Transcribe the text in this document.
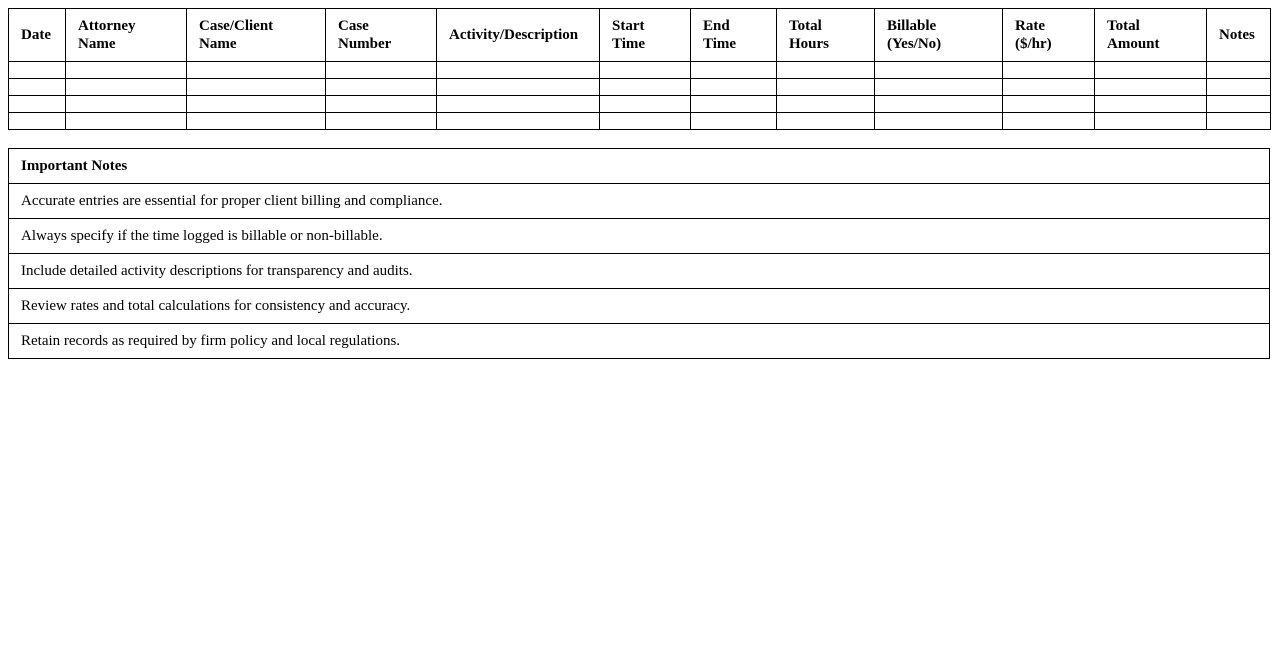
Date	Attorney Name	Case/Client Name	Case Number	Activity/Description	Start Time	End Time	Total Hours	Billable (Yes/No)	Rate ($/hr)	Total Amount	Notes

Important Notes
Accurate entries are essential for proper client billing and compliance.
Always specify if the time logged is billable or non-billable.
Include detailed activity descriptions for transparency and audits.
Review rates and total calculations for consistency and accuracy.
Retain records as required by firm policy and local regulations.
